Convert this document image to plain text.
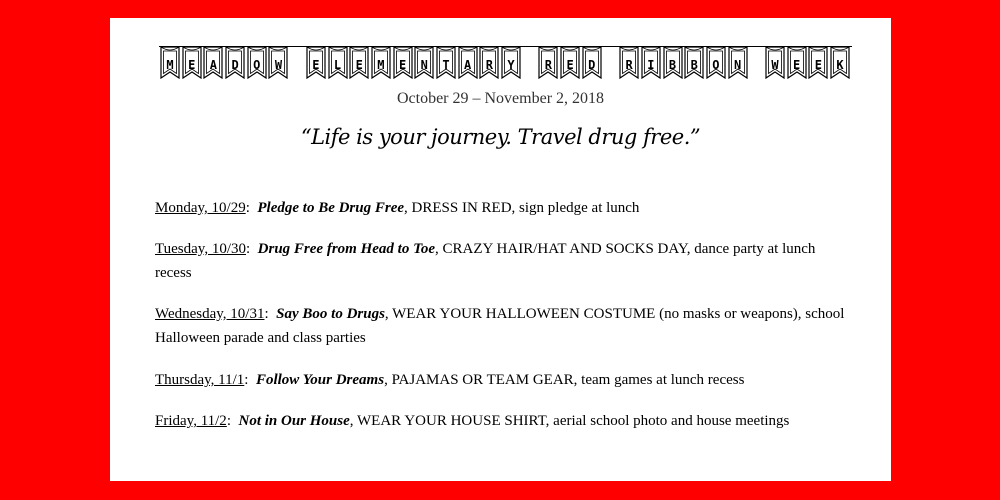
M E A D O W	E L E M E N T A R Y	R E D	R I B B O N	W E E K
October 29 – November 2, 2018
“Life is your journey. Travel drug free.”
Monday, 10/29:  Pledge to Be Drug Free, DRESS IN RED, sign pledge at lunch
Tuesday, 10/30:  Drug Free from Head to Toe, CRAZY HAIR/HAT AND SOCKS DAY, dance party at lunch recess
Wednesday, 10/31:  Say Boo to Drugs, WEAR YOUR HALLOWEEN COSTUME (no masks or weapons), school Halloween parade and class parties
Thursday, 11/1:  Follow Your Dreams, PAJAMAS OR TEAM GEAR, team games at lunch recess
Friday, 11/2:  Not in Our House, WEAR YOUR HOUSE SHIRT, aerial school photo and house meetings
